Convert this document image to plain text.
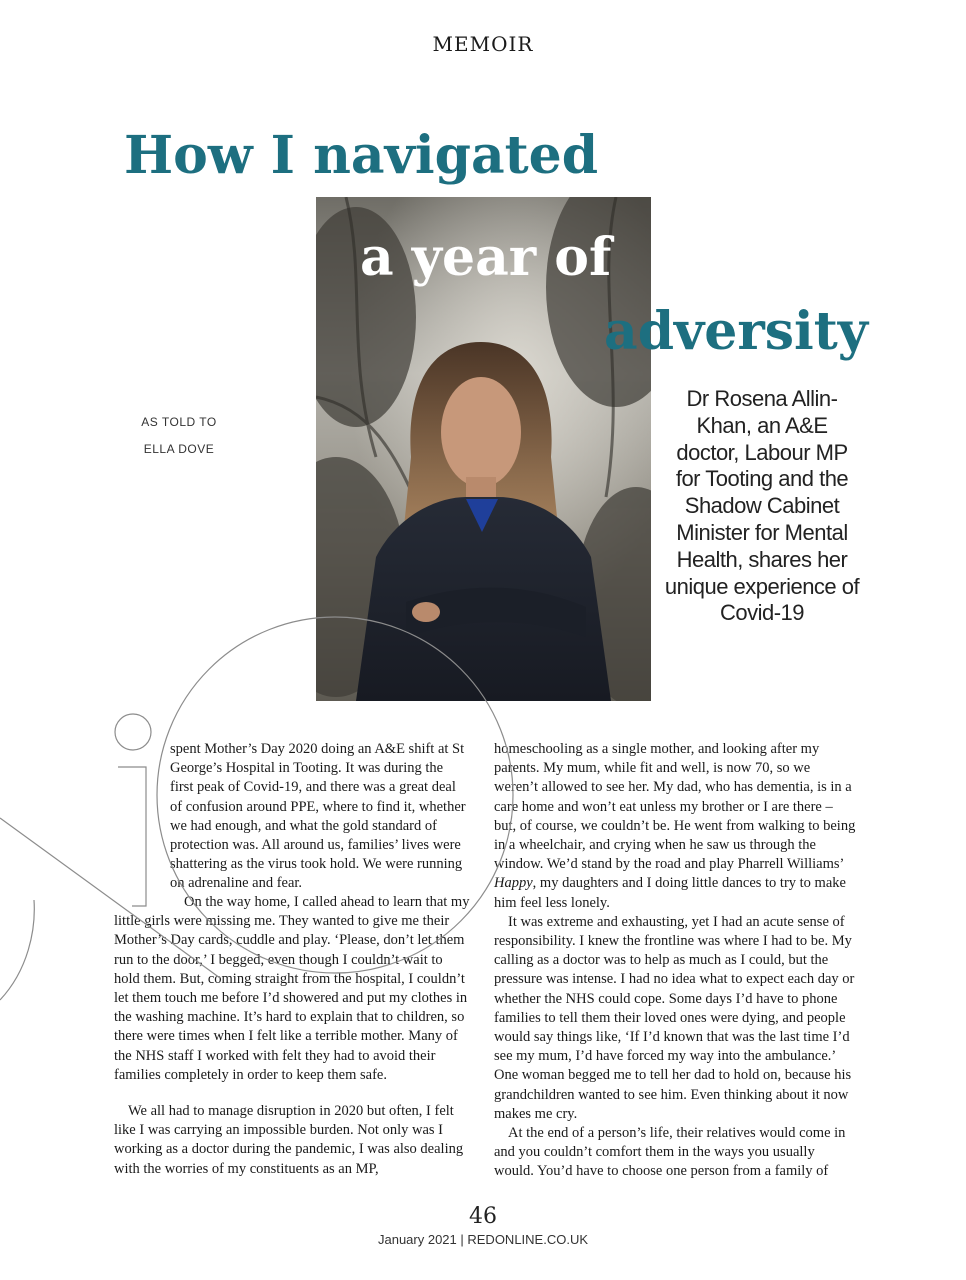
MEMOIR
How I navigated
a year of
adversity
AS TOLD TO
ELLA DOVE
Dr Rosena Allin-Khan, an A&E doctor, Labour MP for Tooting and the Shadow Cabinet Minister for Mental Health, shares her unique experience of Covid-19

spent Mother’s Day 2020 doing an A&E shift at St George’s Hospital in Tooting. It was during the first peak of Covid-19, and there was a great deal of confusion around PPE, where to find it, whether we had enough, and what the gold standard of protection was. All around us, families’ lives were shattering as the virus took hold. We were running on adrenaline and fear.

On the way home, I called ahead to learn that my little girls were missing me. They wanted to give me their Mother’s Day cards, cuddle and play. ‘Please, don’t let them run to the door,’ I begged, even though I couldn’t wait to hold them. But, coming straight from the hospital, I couldn’t let them touch me before I’d showered and put my clothes in the washing machine. It’s hard to explain that to children, so there were times when I felt like a terrible mother. Many of the NHS staff I worked with felt they had to avoid their families completely in order to keep them safe.

We all had to manage disruption in 2020 but often, I felt like I was carrying an impossible burden. Not only was I working as a doctor during the pandemic, I was also dealing with the worries of my constituents as an MP,

homeschooling as a single mother, and looking after my parents. My mum, while fit and well, is now 70, so we weren’t allowed to see her. My dad, who has dementia, is in a care home and won’t eat unless my brother or I are there – but, of course, we couldn’t be. He went from walking to being in a wheelchair, and crying when he saw us through the window. We’d stand by the road and play Pharrell Williams’ Happy, my daughters and I doing little dances to try to make him feel less lonely.

It was extreme and exhausting, yet I had an acute sense of responsibility. I knew the frontline was where I had to be. My calling as a doctor was to help as much as I could, but the pressure was intense. I had no idea what to expect each day or whether the NHS could cope. Some days I’d have to phone families to tell them their loved ones were dying, and people would say things like, ‘If I’d known that was the last time I’d see my mum, I’d have forced my way into the ambulance.’ One woman begged me to tell her dad to hold on, because his grandchildren wanted to see him. Even thinking about it now makes me cry.

At the end of a person’s life, their relatives would come in and you couldn’t comfort them in the ways you usually would. You’d have to choose one person from a family of

46
January 2021 | REDONLINE.CO.UK
